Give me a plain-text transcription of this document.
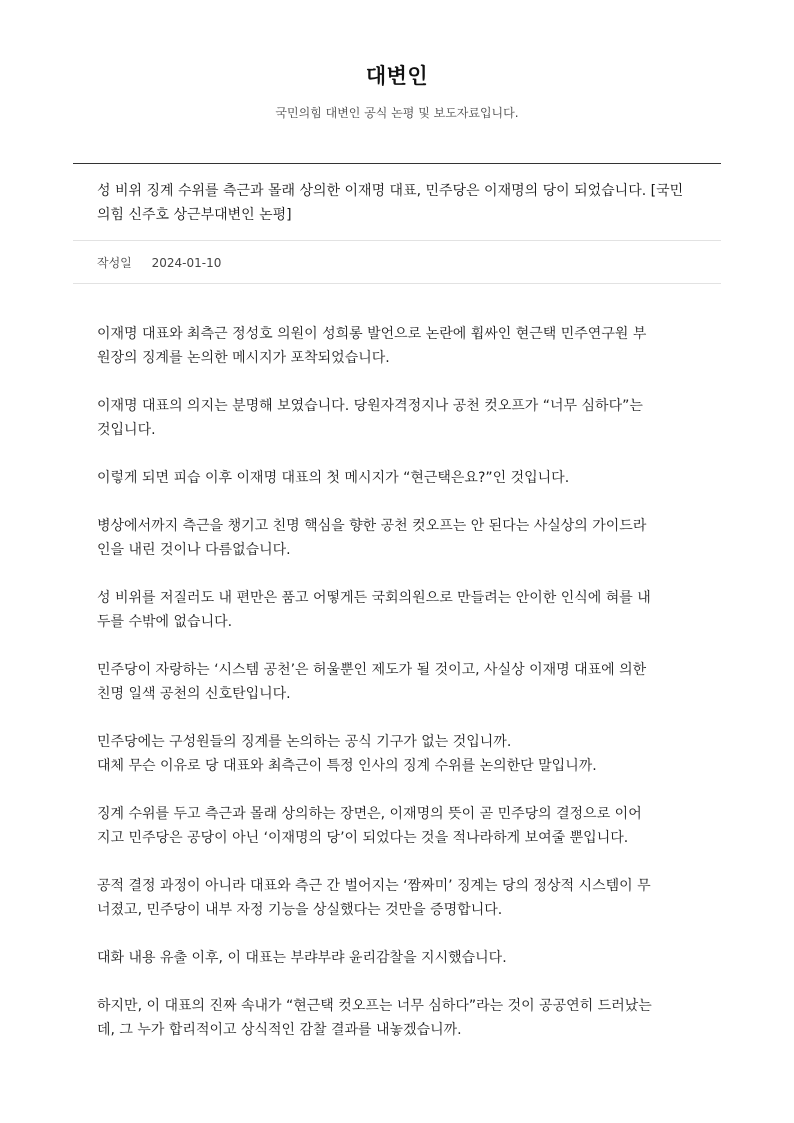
대변인
국민의힘 대변인 공식 논평 및 보도자료입니다.
성 비위 징계 수위를 측근과 몰래 상의한 이재명 대표, 민주당은 이재명의 당이 되었습니다. [국민
의힘 신주호 상근부대변인 논평]
작성일 2024-01-10

이재명 대표와 최측근 정성호 의원이 성희롱 발언으로 논란에 휩싸인 현근택 민주연구원 부
원장의 징계를 논의한 메시지가 포착되었습니다.

이재명 대표의 의지는 분명해 보였습니다. 당원자격정지나 공천 컷오프가 “너무 심하다”는
것입니다.

이렇게 되면 피습 이후 이재명 대표의 첫 메시지가 “현근택은요?”인 것입니다.

병상에서까지 측근을 챙기고 친명 핵심을 향한 공천 컷오프는 안 된다는 사실상의 가이드라
인을 내린 것이나 다름없습니다.

성 비위를 저질러도 내 편만은 품고 어떻게든 국회의원으로 만들려는 안이한 인식에 혀를 내
두를 수밖에 없습니다.

민주당이 자랑하는 ‘시스템 공천’은 허울뿐인 제도가 될 것이고, 사실상 이재명 대표에 의한
친명 일색 공천의 신호탄입니다.

민주당에는 구성원들의 징계를 논의하는 공식 기구가 없는 것입니까.
대체 무슨 이유로 당 대표와 최측근이 특정 인사의 징계 수위를 논의한단 말입니까.

징계 수위를 두고 측근과 몰래 상의하는 장면은, 이재명의 뜻이 곧 민주당의 결정으로 이어
지고 민주당은 공당이 아닌 ‘이재명의 당’이 되었다는 것을 적나라하게 보여줄 뿐입니다.

공적 결정 과정이 아니라 대표와 측근 간 벌어지는 ‘짬짜미’ 징계는 당의 정상적 시스템이 무
너졌고, 민주당이 내부 자정 기능을 상실했다는 것만을 증명합니다.

대화 내용 유출 이후, 이 대표는 부랴부랴 윤리감찰을 지시했습니다.

하지만, 이 대표의 진짜 속내가 “현근택 컷오프는 너무 심하다”라는 것이 공공연히 드러났는
데, 그 누가 합리적이고 상식적인 감찰 결과를 내놓겠습니까.
